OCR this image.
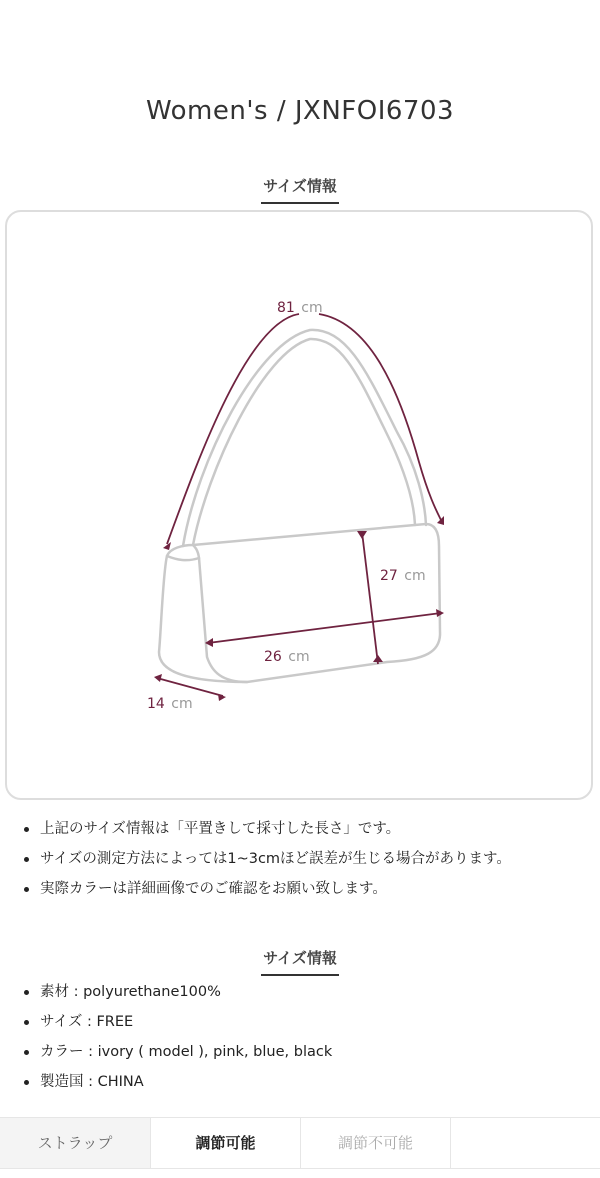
Women's / JXNFOI6703
サイズ情報
81 cm
27 cm
26 cm
14 cm
上記のサイズ情報は「平置きして採寸した長さ」です。
サイズの測定方法によっては1~3cmほど誤差が生じる場合があります。
実際カラーは詳細画像でのご確認をお願い致します。
サイズ情報
素材 : polyurethane100%
サイズ : FREE
カラー : ivory ( model ), pink, blue, black
製造国 : CHINA
ストラップ	調節可能	調節不可能
